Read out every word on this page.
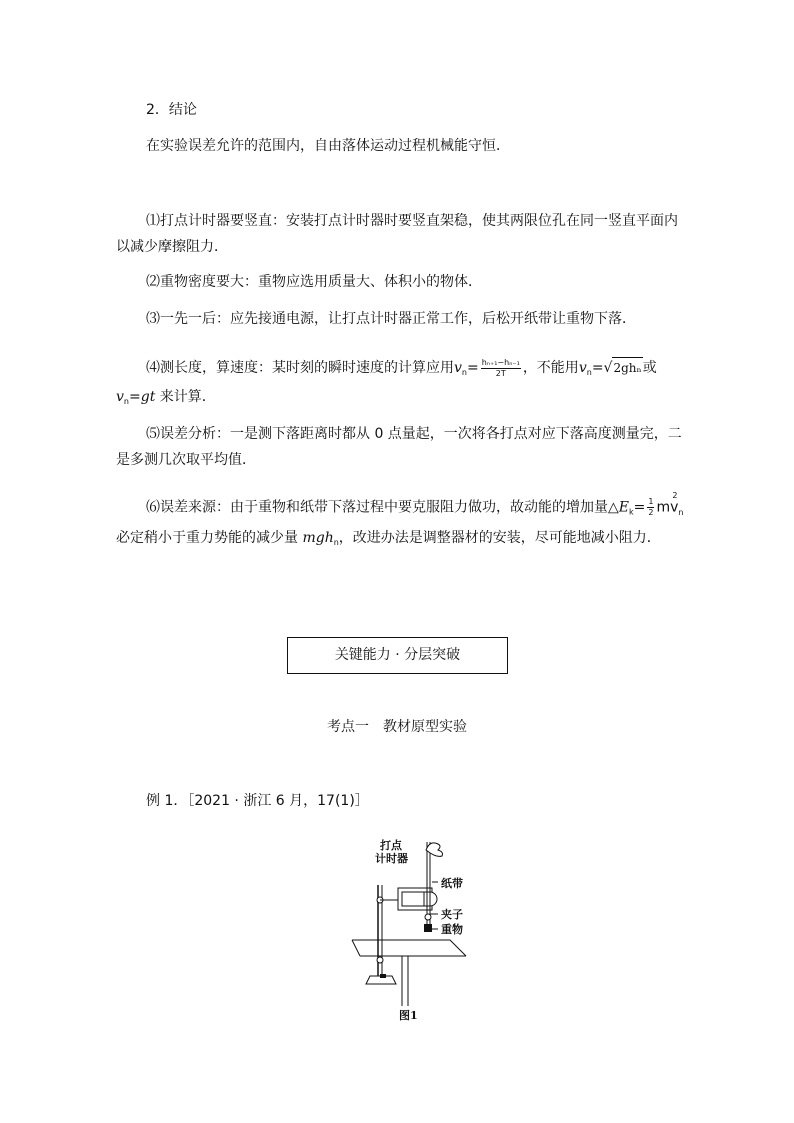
2．结论
在实验误差允许的范围内，自由落体运动过程机械能守恒．
⑴打点计时器要竖直：安装打点计时器时要竖直架稳，使其两限位孔在同一竖直平面内
以减少摩擦阻力．
⑵重物密度要大：重物应选用质量大、体积小的物体．
⑶一先一后：应先接通电源，让打点计时器正常工作，后松开纸带让重物下落．
⑷测长度，算速度：某时刻的瞬时速度的计算应用$v_n= \frac{\text{hₙ₊₁−hₙ₋₁}}{2T}$ ，不能用$v_n=√2gh_n$或
$v_n=gt$ 来计算．
⑸误差分析：一是测下落距离时都从 0 点量起，一次将各打点对应下落高度测量完，二
是多测几次取平均值．
⑹误差来源：由于重物和纸带下落过程中要克服阻力做功，故动能的增加量$\triangle E_k= \frac{1}{2}$ mv
2
$_n$
必定稍小于重力势能的减少量 mgh$_n$，改进办法是调整器材的安装，尽可能地减小阻力．
关键能力 · 分层突破
考点一　教材原型实验
例 1．［2021 · 浙江 6 月，17(1)］
打点
计时器
纸带
夹子
重物
图1
